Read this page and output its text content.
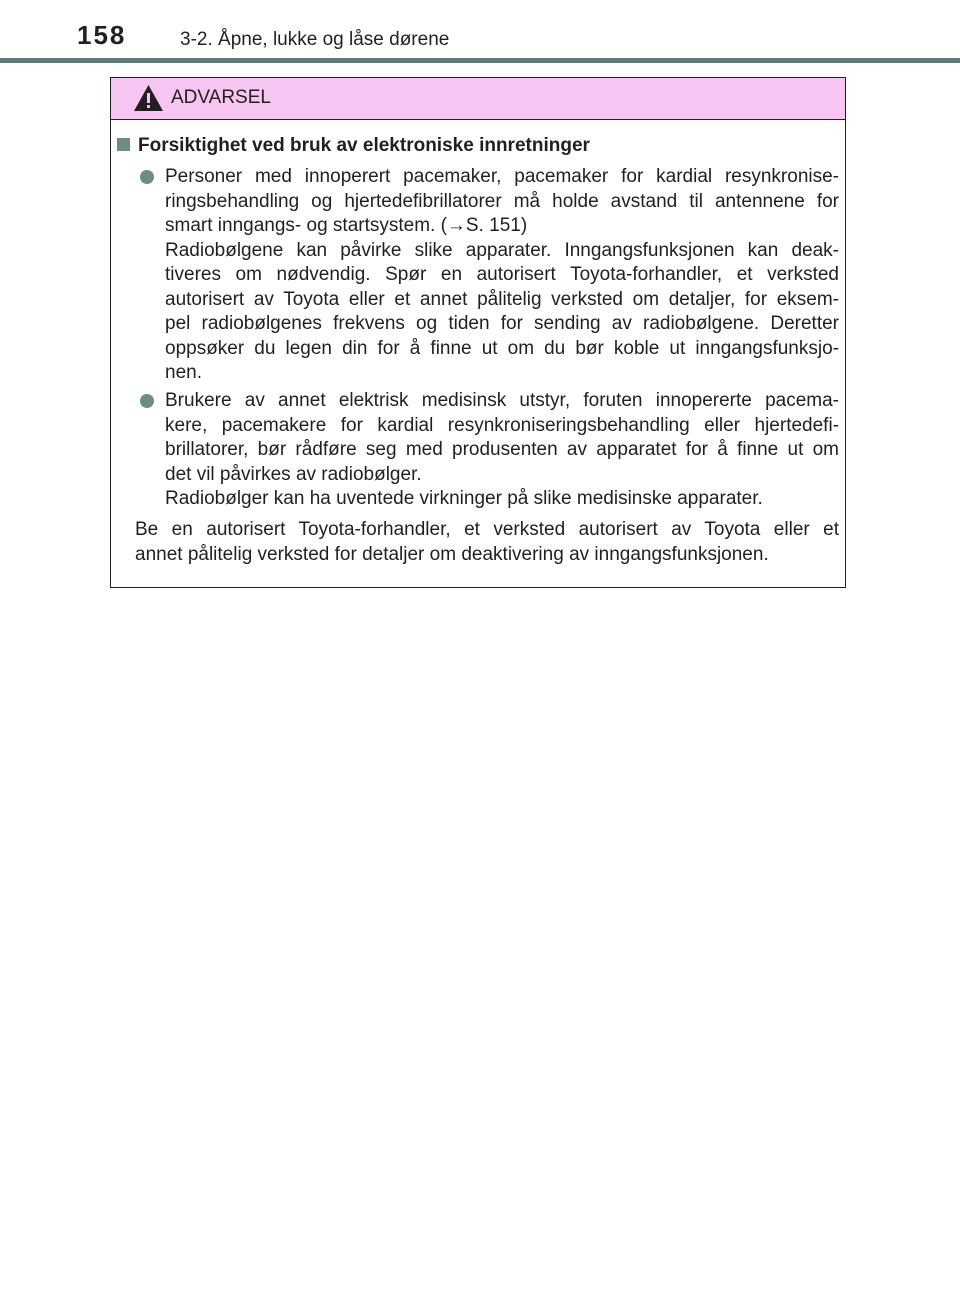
158	3-2. Åpne, lukke og låse dørene
ADVARSEL
Forsiktighet ved bruk av elektroniske innretninger
Personer med innoperert pacemaker, pacemaker for kardial resynkronise-
ringsbehandling og hjertedefibrillatorer må holde avstand til antennene for
smart inngangs- og startsystem. (→S. 151)
Radiobølgene kan påvirke slike apparater. Inngangsfunksjonen kan deak-
tiveres om nødvendig. Spør en autorisert Toyota-forhandler, et verksted
autorisert av Toyota eller et annet pålitelig verksted om detaljer, for eksem-
pel radiobølgenes frekvens og tiden for sending av radiobølgene. Deretter
oppsøker du legen din for å finne ut om du bør koble ut inngangsfunksjo-
nen.
Brukere av annet elektrisk medisinsk utstyr, foruten innopererte pacema-
kere, pacemakere for kardial resynkroniseringsbehandling eller hjertedefi-
brillatorer, bør rådføre seg med produsenten av apparatet for å finne ut om
det vil påvirkes av radiobølger.
Radiobølger kan ha uventede virkninger på slike medisinske apparater.
Be en autorisert Toyota-forhandler, et verksted autorisert av Toyota eller et
annet pålitelig verksted for detaljer om deaktivering av inngangsfunksjonen.
